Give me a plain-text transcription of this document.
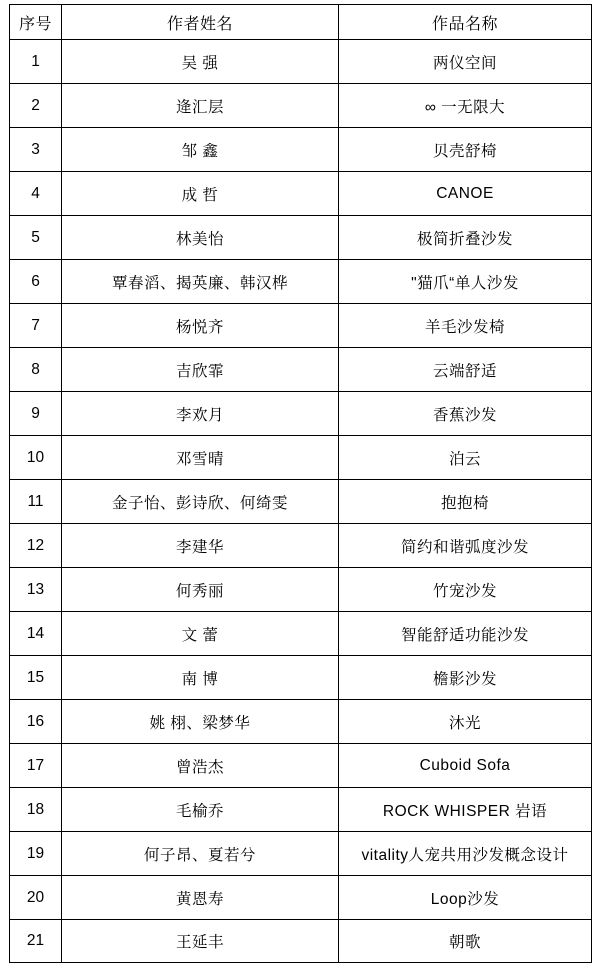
序号	作者姓名	作品名称
1	吴 强	两仪空间
2	逄汇层	∞ 一无限大
3	邹 鑫	贝壳舒椅
4	成 哲	CANOE
5	林美怡	极简折叠沙发
6	覃春滔、揭英廉、韩汉桦	"猫爪“单人沙发
7	杨悦齐	羊毛沙发椅
8	吉欣霏	云端舒适
9	李欢月	香蕉沙发
10	邓雪晴	泊云
11	金子怡、彭诗欣、何绮雯	抱抱椅
12	李建华	简约和谐弧度沙发
13	何秀丽	竹宠沙发
14	文 蕾	智能舒适功能沙发
15	南 博	檐影沙发
16	姚 栩、梁梦华	沐光
17	曾浩杰	Cuboid Sofa
18	毛榆乔	ROCK WHISPER 岩语
19	何子昂、夏若兮	vitality人宠共用沙发概念设计
20	黄恩寿	Loop沙发
21	王延丰	朝歌
